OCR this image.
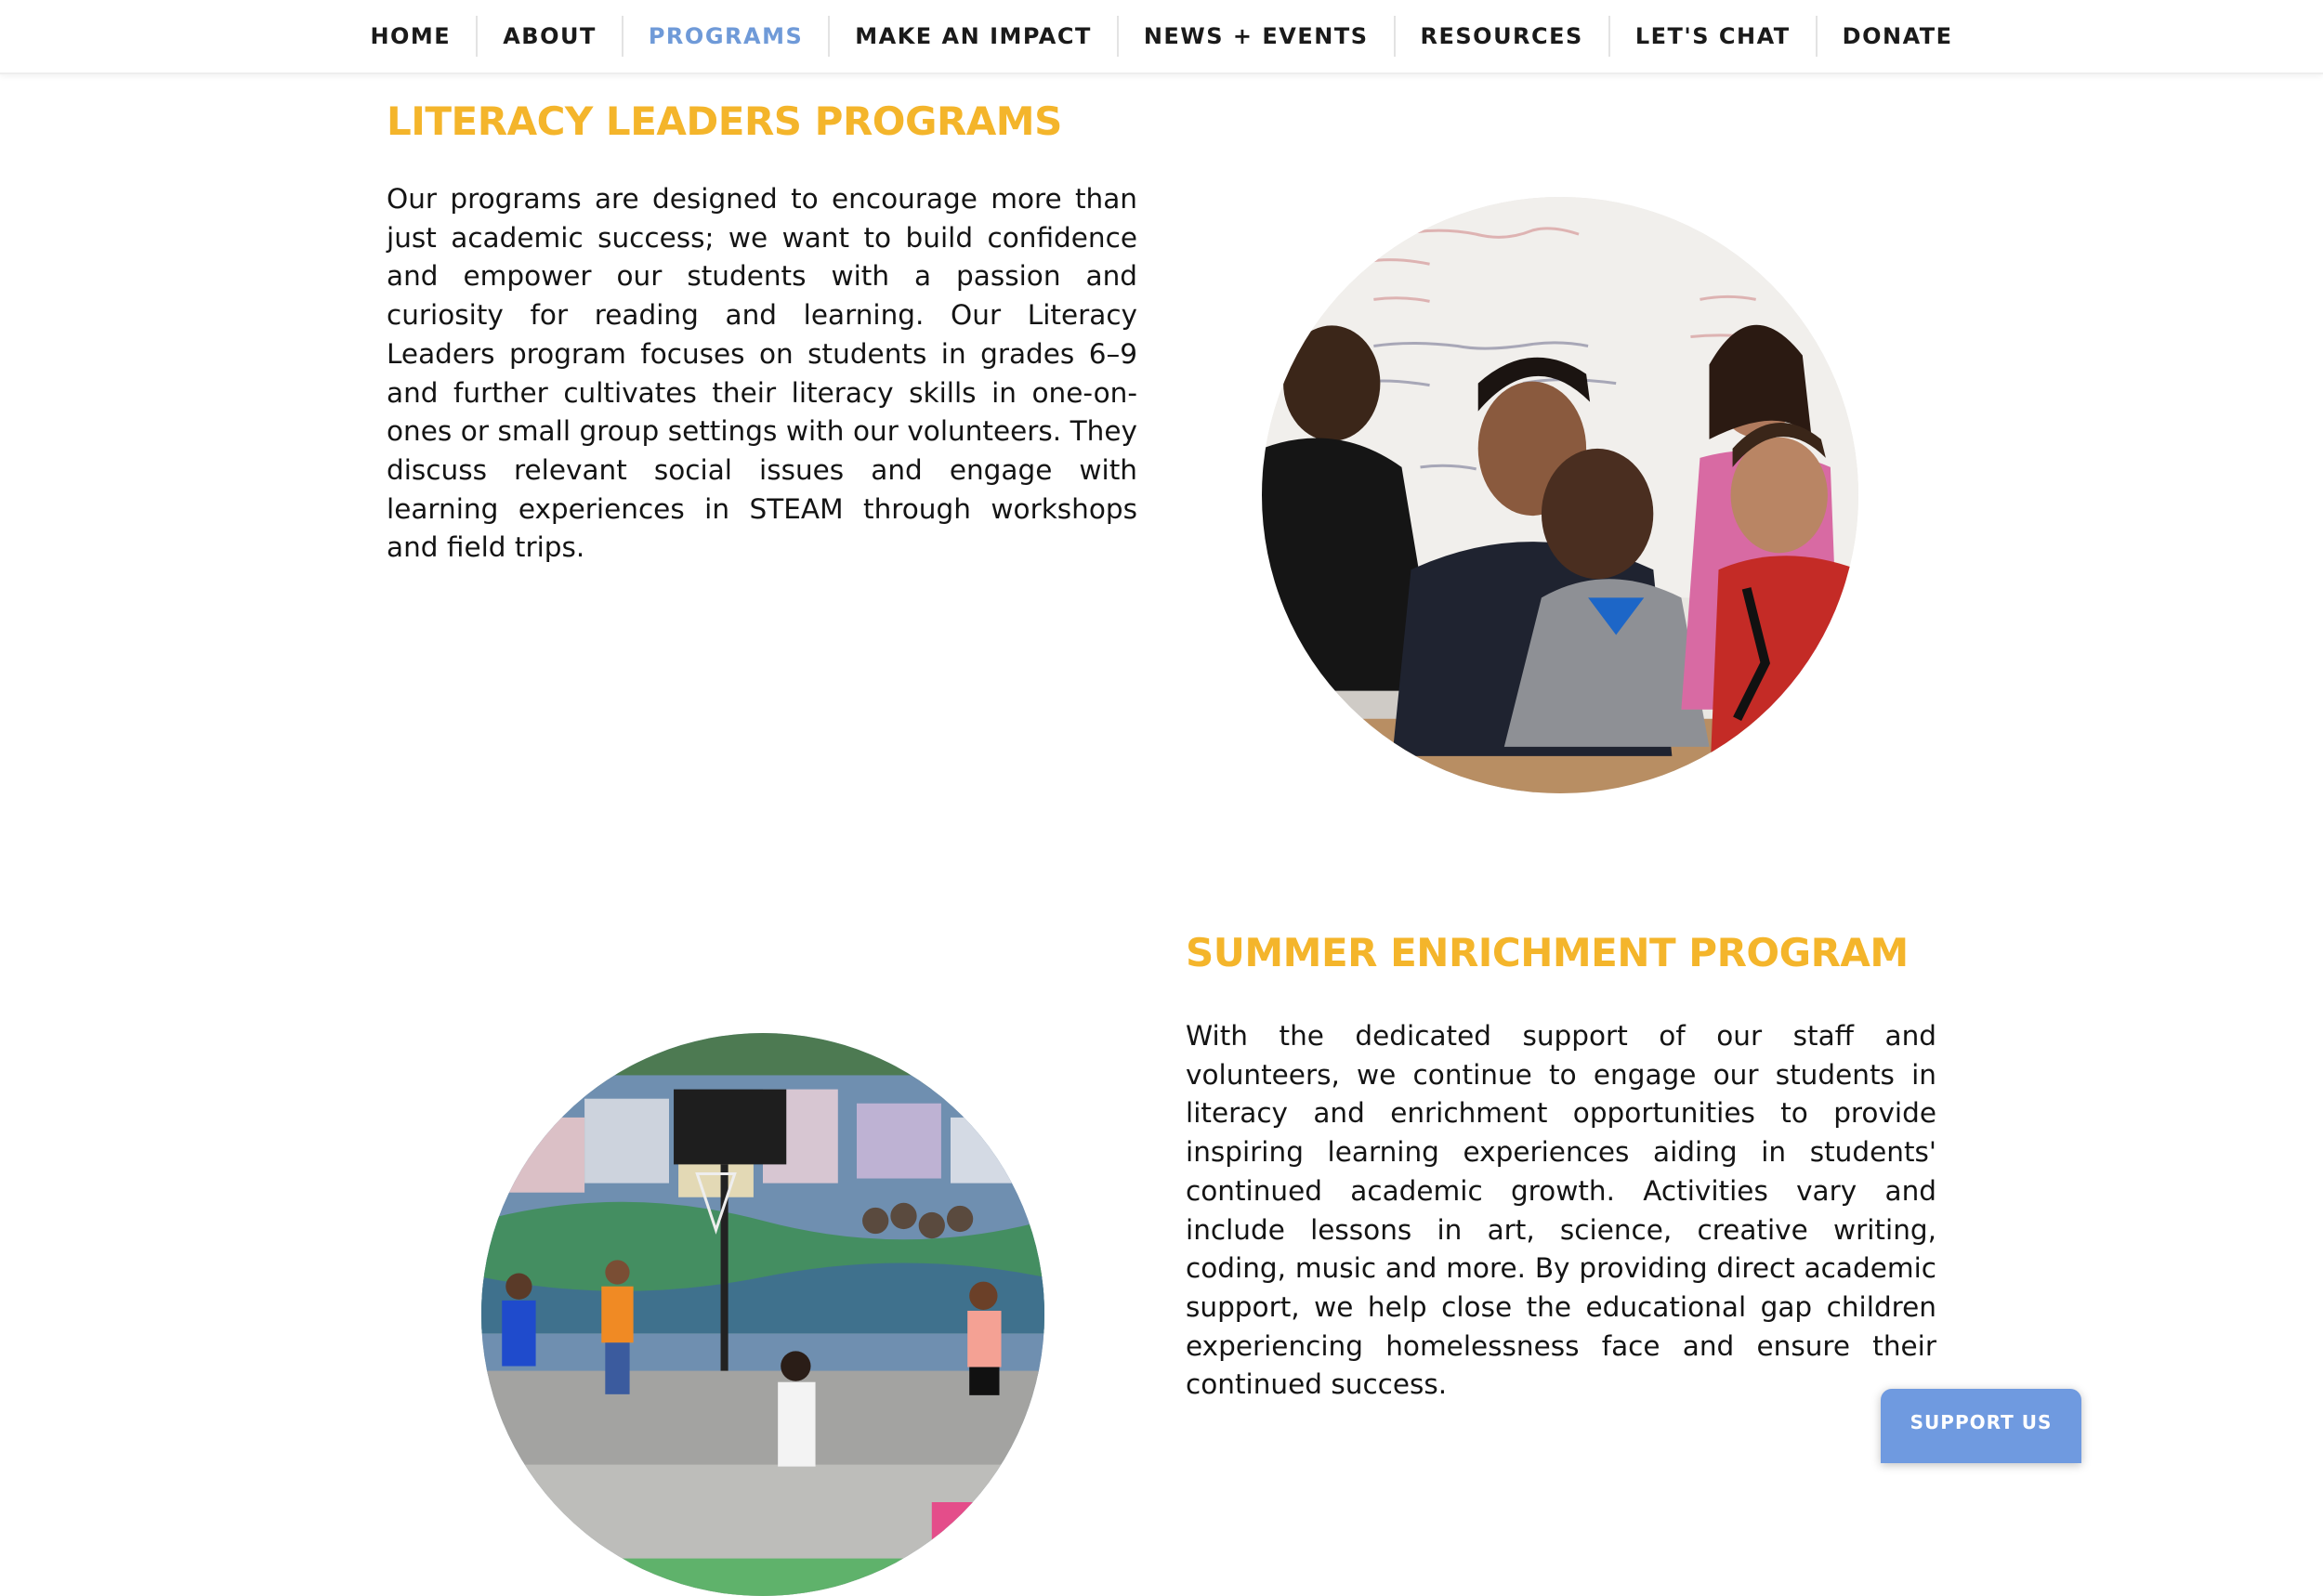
HOME	ABOUT	PROGRAMS	MAKE AN IMPACT	NEWS + EVENTS	RESOURCES	LET'S CHAT	DONATE
LITERACY LEADERS PROGRAMS

Our programs are designed to encourage more than just academic success; we want to build confidence and empower our students with a passion and curiosity for reading and learning. Our Literacy Leaders program focuses on students in grades 6–9 and further cultivates their literacy skills in one-on-ones or small group settings with our volunteers. They discuss relevant social issues and engage with learning experiences in STEAM through workshops and field trips.

SUMMER ENRICHMENT PROGRAM

With the dedicated support of our staff and volunteers, we continue to engage our students in literacy and enrichment opportunities to provide inspiring learning experiences aiding in students' continued academic growth. Activities vary and include lessons in art, science, creative writing, coding, music and more. By providing direct academic support, we help close the educational gap children experiencing homelessness face and ensure their continued success.

SUPPORT US
